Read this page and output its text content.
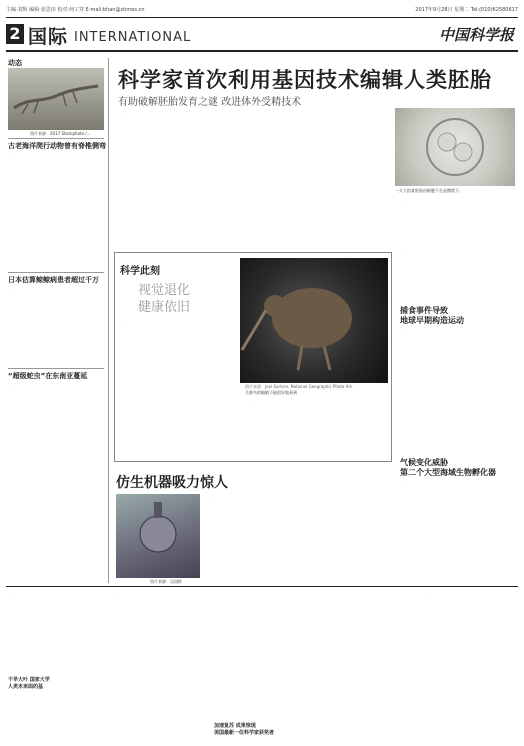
主编·刘辉 编辑·张思玮 校对·何工穿 E-mail:bhan@stimes.cn	2017年9月28日 星期二 Tel:(010)62580617
2 国际 INTERNATIONAL	中国科学报
动态
图片来源：2017 Stockphoto /...
古老海洋爬行动物曾有脊椎侧弯

.

日本估算鲸鲸病患者超过千万

.

“超级蛇虫”在东南亚蔓延

.

科学家首次利用基因技术编辑人类胚胎
有助破解胚胎发育之谜 改进体外受精技术

.

一天大的某胚胎由细胞下在显微镜下。

.

科学此刻
视觉退化
健康依旧
图片来源：Joel Sartore, National Geographic Photo Ark
几维鸟的眼睛不能很好地看到

.

.

.

捕食事件导致
地球早期构造运动

.

气候变化威胁
第二个大型海域生物孵化器

.

仿生机器吸力惊人
图片来源：吴国粹

.

.

干旱大叶 国家大学
人类未来面的基

.

.

加速复苏 成果惊现
美国最新一位科学家获奖者

.
